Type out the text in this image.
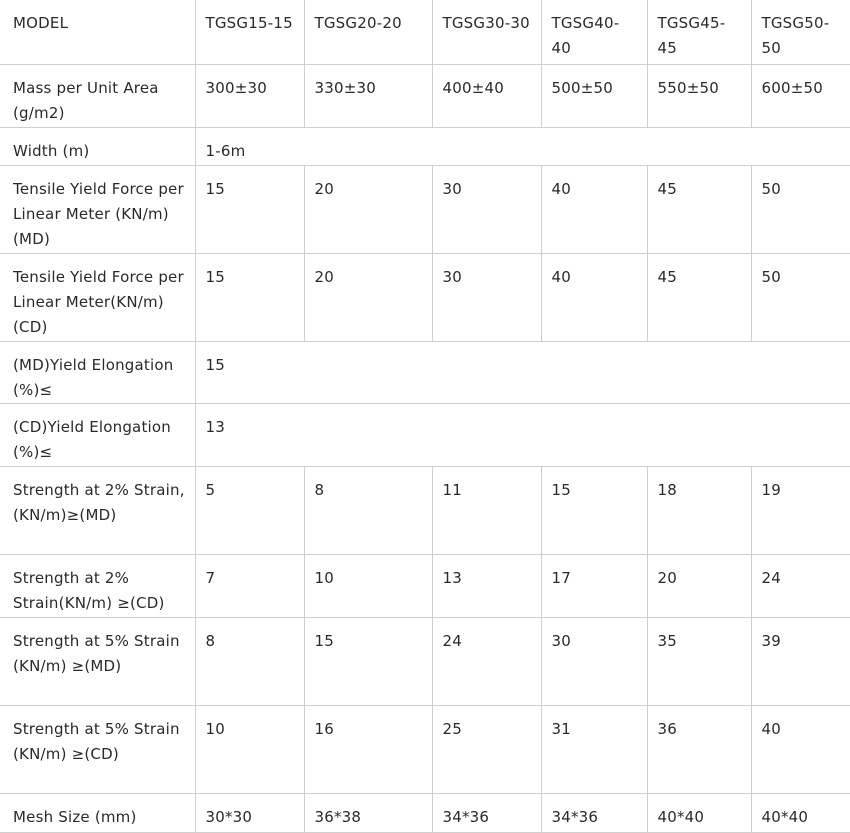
MODEL	TGSG15-15	TGSG20-20	TGSG30-30	TGSG40-40	TGSG45-45	TGSG50-50
Mass per Unit Area (g/m2)	300±30	330±30	400±40	500±50	550±50	600±50
Width (m)	1-6m					
Tensile Yield Force per Linear Meter (KN/m) (MD)	15	20	30	40	45	50
Tensile Yield Force per Linear Meter(KN/m) (CD)	15	20	30	40	45	50
(MD)Yield Elongation (%)≤	15					
(CD)Yield Elongation (%)≤	13					
Strength at 2% Strain, (KN/m)≥(MD)	5	8	11	15	18	19
Strength at 2% Strain(KN/m) ≥(CD)	7	10	13	17	20	24
Strength at 5% Strain (KN/m) ≥(MD)	8	15	24	30	35	39
Strength at 5% Strain (KN/m) ≥(CD)	10	16	25	31	36	40
Mesh Size (mm)	30*30	36*38	34*36	34*36	40*40	40*40
